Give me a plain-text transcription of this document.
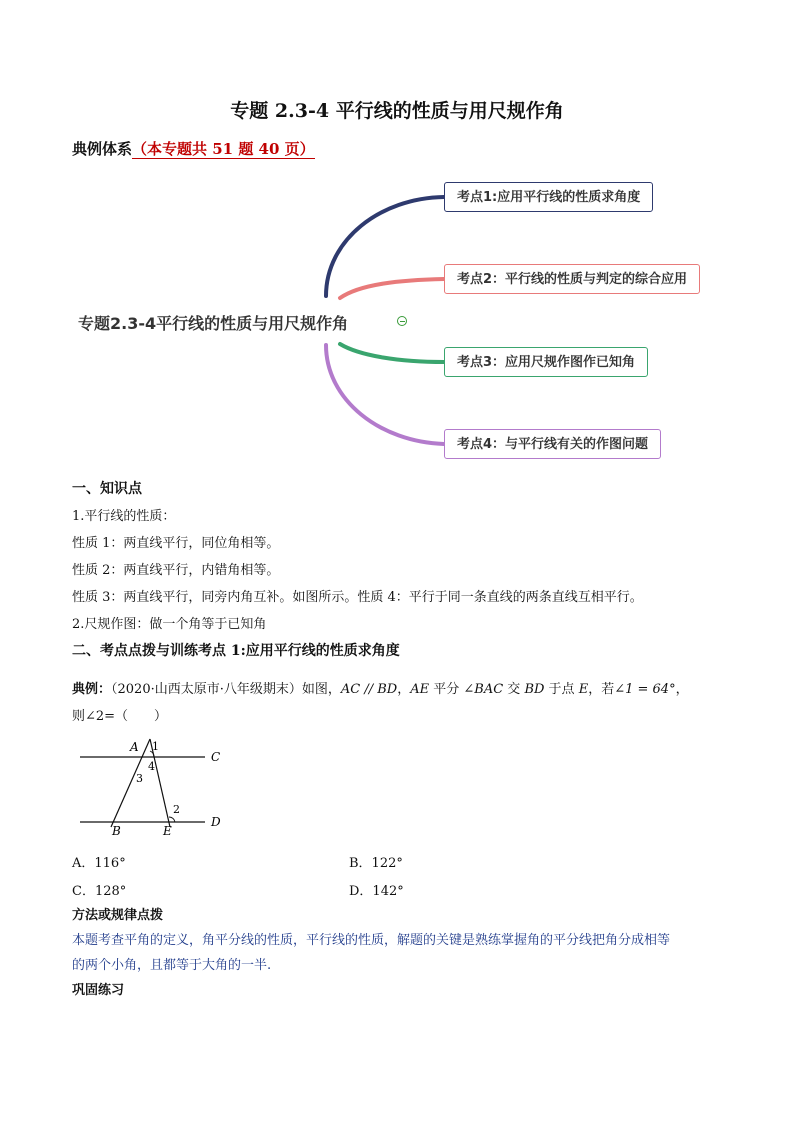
专题 2.3-4 平行线的性质与用尺规作角
典例体系（本专题共 51 题 40 页）
专题2.3-4平行线的性质与用尺规作角
考点1:应用平行线的性质求角度
考点2：平行线的性质与判定的综合应用
考点3：应用尺规作图作已知角
考点4：与平行线有关的作图问题
一、知识点
1.平行线的性质：
性质 1：两直线平行，同位角相等。
性质 2：两直线平行，内错角相等。
性质 3：两直线平行，同旁内角互补。如图所示。性质 4：平行于同一条直线的两条直线互相平行。
2.尺规作图：做一个角等于已知角
二、考点点拨与训练考点 1:应用平行线的性质求角度
典例：（2020·山西太原市·八年级期末）如图，AC // BD，AE 平分 ∠BAC 交 BD 于点 E，若∠1 = 64°，
则∠2=（　　）
A
C
B	E
D
1
4
3
2
A．116°	B．122°
C．128°	D．142°
方法或规律点拨
本题考查平角的定义，角平分线的性质，平行线的性质，解题的关键是熟练掌握角的平分线把角分成相等
的两个小角，且都等于大角的一半.
巩固练习
